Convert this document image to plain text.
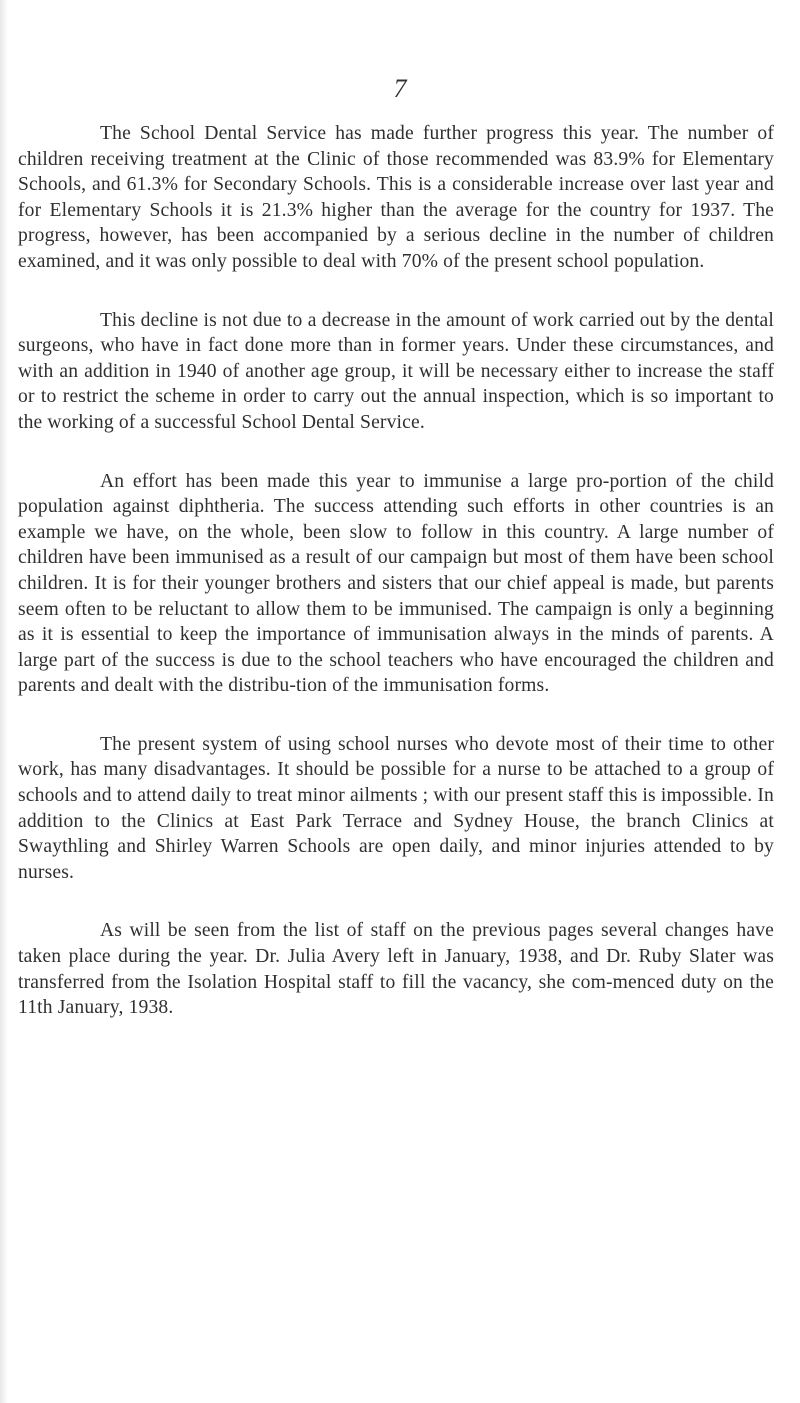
7

The School Dental Service has made further progress this year. The number of children receiving treatment at the Clinic of those recommended was 83.9% for Elementary Schools, and 61.3% for Secondary Schools. This is a considerable increase over last year and for Elementary Schools it is 21.3% higher than the average for the country for 1937. The progress, however, has been accompanied by a serious decline in the number of children examined, and it was only possible to deal with 70% of the present school population.

This decline is not due to a decrease in the amount of work carried out by the dental surgeons, who have in fact done more than in former years. Under these circumstances, and with an addition in 1940 of another age group, it will be necessary either to increase the staff or to restrict the scheme in order to carry out the annual inspection, which is so important to the working of a successful School Dental Service.

An effort has been made this year to immunise a large pro-portion of the child population against diphtheria. The success attending such efforts in other countries is an example we have, on the whole, been slow to follow in this country. A large number of children have been immunised as a result of our campaign but most of them have been school children. It is for their younger brothers and sisters that our chief appeal is made, but parents seem often to be reluctant to allow them to be immunised. The campaign is only a beginning as it is essential to keep the importance of immunisation always in the minds of parents. A large part of the success is due to the school teachers who have encouraged the children and parents and dealt with the distribu-tion of the immunisation forms.

The present system of using school nurses who devote most of their time to other work, has many disadvantages. It should be possible for a nurse to be attached to a group of schools and to attend daily to treat minor ailments ; with our present staff this is impossible. In addition to the Clinics at East Park Terrace and Sydney House, the branch Clinics at Swaythling and Shirley Warren Schools are open daily, and minor injuries attended to by nurses.

As will be seen from the list of staff on the previous pages several changes have taken place during the year. Dr. Julia Avery left in January, 1938, and Dr. Ruby Slater was transferred from the Isolation Hospital staff to fill the vacancy, she com-menced duty on the 11th January, 1938.
